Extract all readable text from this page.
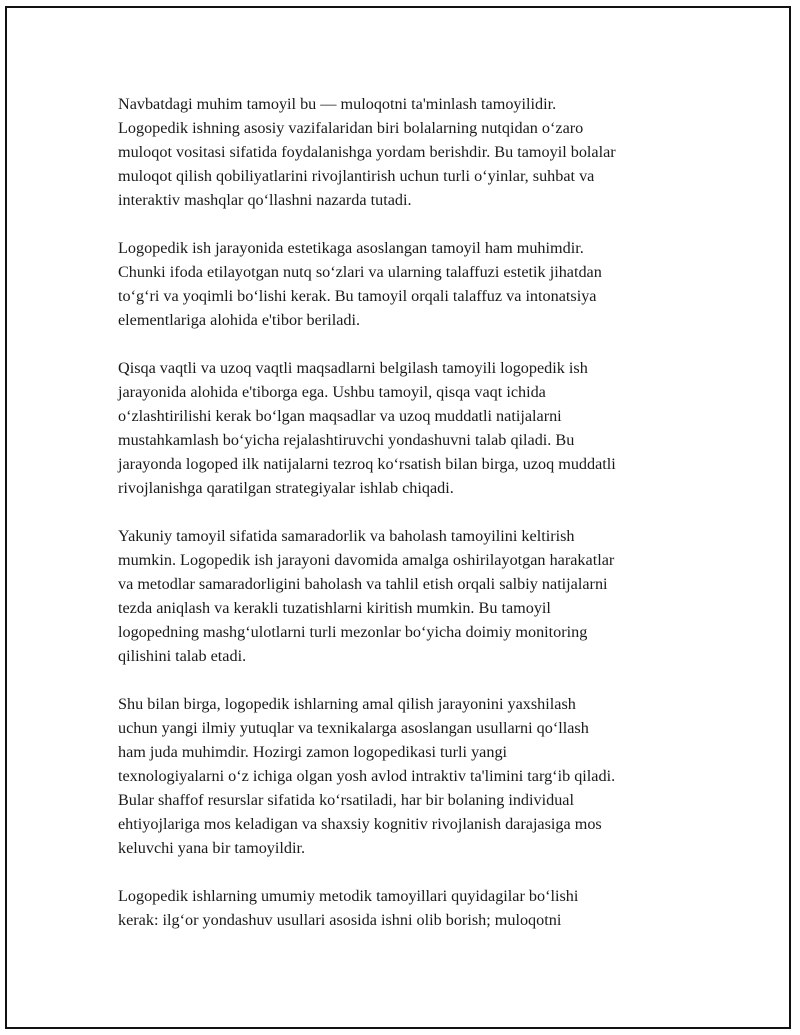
Navbatdagi muhim tamoyil bu — muloqotni ta'minlash tamoyilidir.
Logopedik ishning asosiy vazifalaridan biri bolalarning nutqidan o‘zaro
muloqot vositasi sifatida foydalanishga yordam berishdir. Bu tamoyil bolalar
muloqot qilish qobiliyatlarini rivojlantirish uchun turli o‘yinlar, suhbat va
interaktiv mashqlar qo‘llashni nazarda tutadi.

Logopedik ish jarayonida estetikaga asoslangan tamoyil ham muhimdir.
Chunki ifoda etilayotgan nutq so‘zlari va ularning talaffuzi estetik jihatdan
to‘g‘ri va yoqimli bo‘lishi kerak. Bu tamoyil orqali talaffuz va intonatsiya
elementlariga alohida e'tibor beriladi.

Qisqa vaqtli va uzoq vaqtli maqsadlarni belgilash tamoyili logopedik ish
jarayonida alohida e'tiborga ega. Ushbu tamoyil, qisqa vaqt ichida
o‘zlashtirilishi kerak bo‘lgan maqsadlar va uzoq muddatli natijalarni
mustahkamlash bo‘yicha rejalashtiruvchi yondashuvni talab qiladi. Bu
jarayonda logoped ilk natijalarni tezroq ko‘rsatish bilan birga, uzoq muddatli
rivojlanishga qaratilgan strategiyalar ishlab chiqadi.

Yakuniy tamoyil sifatida samaradorlik va baholash tamoyilini keltirish
mumkin. Logopedik ish jarayoni davomida amalga oshirilayotgan harakatlar
va metodlar samaradorligini baholash va tahlil etish orqali salbiy natijalarni
tezda aniqlash va kerakli tuzatishlarni kiritish mumkin. Bu tamoyil
logopedning mashg‘ulotlarni turli mezonlar bo‘yicha doimiy monitoring
qilishini talab etadi.

Shu bilan birga, logopedik ishlarning amal qilish jarayonini yaxshilash
uchun yangi ilmiy yutuqlar va texnikalarga asoslangan usullarni qo‘llash
ham juda muhimdir. Hozirgi zamon logopedikasi turli yangi
texnologiyalarni o‘z ichiga olgan yosh avlod intraktiv ta'limini targ‘ib qiladi.
Bular shaffof resurslar sifatida ko‘rsatiladi, har bir bolaning individual
ehtiyojlariga mos keladigan va shaxsiy kognitiv rivojlanish darajasiga mos
keluvchi yana bir tamoyildir.

Logopedik ishlarning umumiy metodik tamoyillari quyidagilar bo‘lishi
kerak: ilg‘or yondashuv usullari asosida ishni olib borish; muloqotni
